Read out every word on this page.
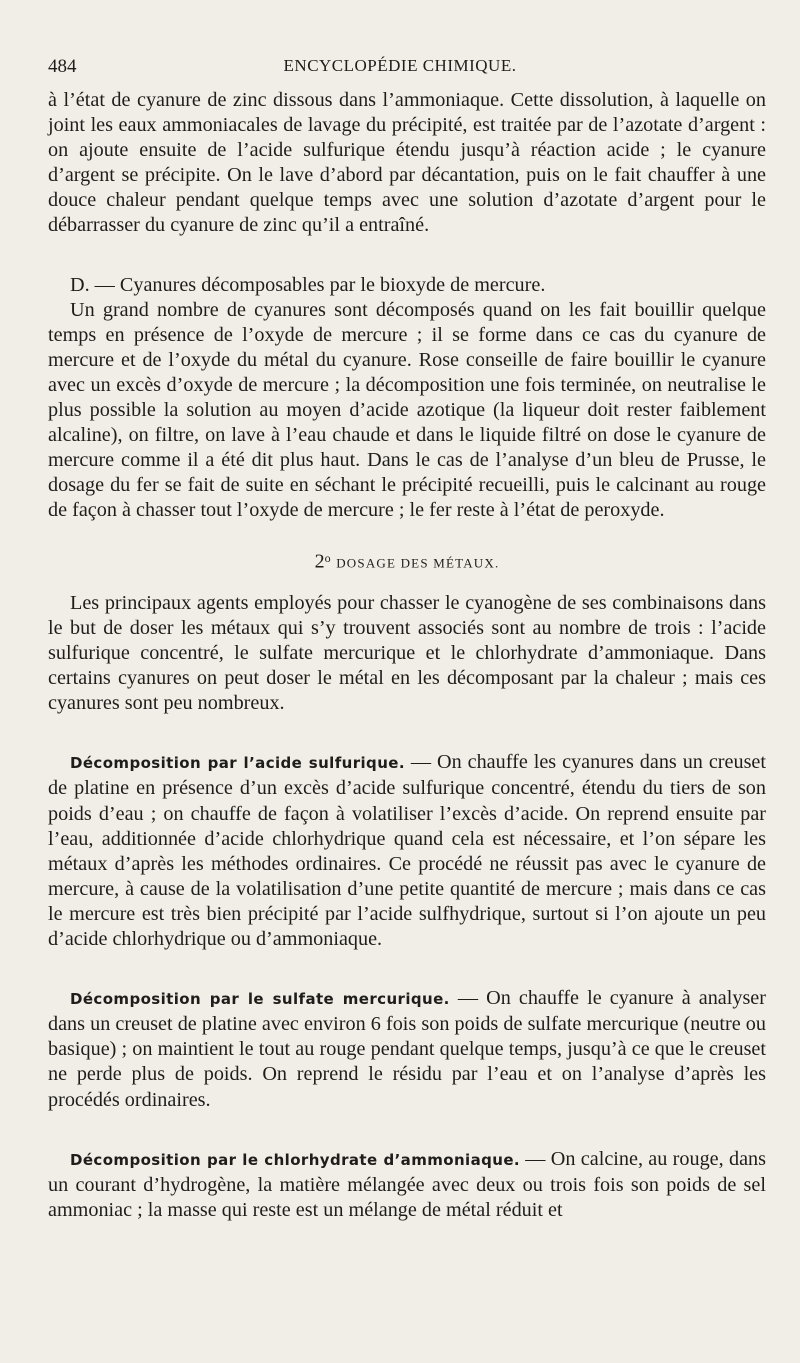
484	ENCYCLOPÉDIE CHIMIQUE.

à l’état de cyanure de zinc dissous dans l’ammoniaque. Cette dissolution, à laquelle on joint les eaux ammoniacales de lavage du précipité, est traitée par de l’azotate d’argent : on ajoute ensuite de l’acide sulfurique étendu jusqu’à réaction acide ; le cyanure d’argent se précipite. On le lave d’abord par décantation, puis on le fait chauffer à une douce chaleur pendant quelque temps avec une solution d’azotate d’argent pour le débarrasser du cyanure de zinc qu’il a entraîné.

D. — Cyanures décomposables par le bioxyde de mercure.

Un grand nombre de cyanures sont décomposés quand on les fait bouillir quelque temps en présence de l’oxyde de mercure ; il se forme dans ce cas du cyanure de mercure et de l’oxyde du métal du cyanure. Rose conseille de faire bouillir le cyanure avec un excès d’oxyde de mercure ; la décomposition une fois terminée, on neutralise le plus possible la solution au moyen d’acide azotique (la liqueur doit rester faiblement alcaline), on filtre, on lave à l’eau chaude et dans le liquide filtré on dose le cyanure de mercure comme il a été dit plus haut. Dans le cas de l’analyse d’un bleu de Prusse, le dosage du fer se fait de suite en séchant le précipité recueilli, puis le calcinant au rouge de façon à chasser tout l’oxyde de mercure ; le fer reste à l’état de peroxyde.

2$^o$ DOSAGE DES MÉTAUX.

Les principaux agents employés pour chasser le cyanogène de ses combinaisons dans le but de doser les métaux qui s’y trouvent associés sont au nombre de trois : l’acide sulfurique concentré, le sulfate mercurique et le chlorhydrate d’ammoniaque. Dans certains cyanures on peut doser le métal en les décomposant par la chaleur ; mais ces cyanures sont peu nombreux.

Décomposition par l’acide sulfurique. — On chauffe les cyanures dans un creuset de platine en présence d’un excès d’acide sulfurique concentré, étendu du tiers de son poids d’eau ; on chauffe de façon à volatiliser l’excès d’acide. On reprend ensuite par l’eau, additionnée d’acide chlorhydrique quand cela est nécessaire, et l’on sépare les métaux d’après les méthodes ordinaires. Ce procédé ne réussit pas avec le cyanure de mercure, à cause de la volatilisation d’une petite quantité de mercure ; mais dans ce cas le mercure est très bien précipité par l’acide sulfhydrique, surtout si l’on ajoute un peu d’acide chlorhydrique ou d’ammoniaque.

Décomposition par le sulfate mercurique. — On chauffe le cyanure à analyser dans un creuset de platine avec environ 6 fois son poids de sulfate mercurique (neutre ou basique) ; on maintient le tout au rouge pendant quelque temps, jusqu’à ce que le creuset ne perde plus de poids. On reprend le résidu par l’eau et on l’analyse d’après les procédés ordinaires.

Décomposition par le chlorhydrate d’ammoniaque. — On calcine, au rouge, dans un courant d’hydrogène, la matière mélangée avec deux ou trois fois son poids de sel ammoniac ; la masse qui reste est un mélange de métal réduit et
